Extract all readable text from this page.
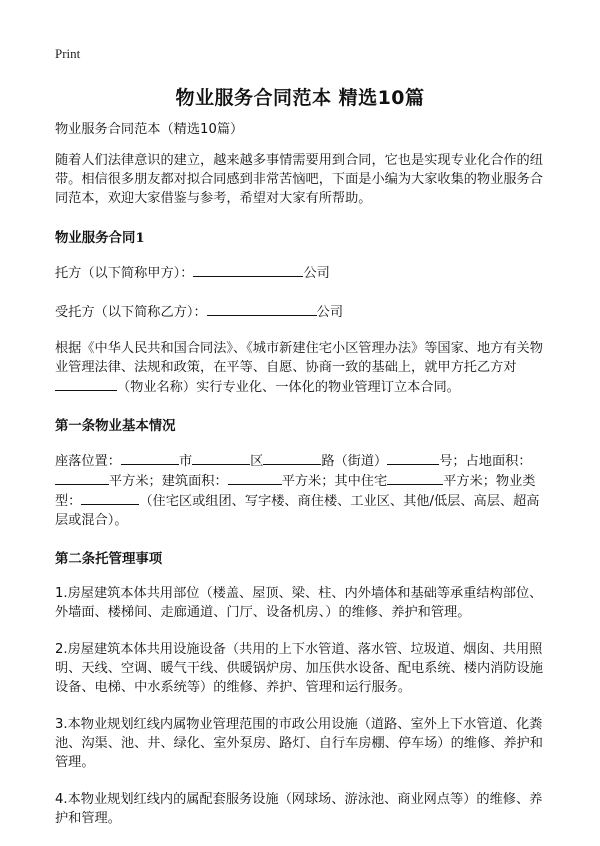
Print
物业服务合同范本 精选10篇

物业服务合同范本（精选10篇）

随着人们法律意识的建立，越来越多事情需要用到合同，它也是实现专业化合作的纽带。相信很多朋友都对拟合同感到非常苦恼吧，下面是小编为大家收集的物业服务合同范本，欢迎大家借鉴与参考，希望对大家有所帮助。

物业服务合同1

托方（以下简称甲方）：	公司

受托方（以下简称乙方）：	公司

根据《中华人民共和国合同法》、《城市新建住宅小区管理办法》等国家、地方有关物业管理法律、法规和政策，在平等、自愿、协商一致的基础上，就甲方托乙方对（物业名称）实行专业化、一体化的物业管理订立本合同。

第一条物业基本情况

座落位置：	市	区	路（街道）	号；占地面积：平方米；建筑面积：	平方米；其中住宅	平方米；物业类型：	（住宅区或组团、写字楼、商住楼、工业区、其他/低层、高层、超高层或混合）。

第二条托管理事项

1.房屋建筑本体共用部位（楼盖、屋顶、梁、柱、内外墙体和基础等承重结构部位、外墙面、楼梯间、走廊通道、门厅、设备机房、）的维修、养护和管理。

2.房屋建筑本体共用设施设备（共用的上下水管道、落水管、垃圾道、烟囱、共用照明、天线、空调、暖气干线、供暖锅炉房、加压供水设备、配电系统、楼内消防设施设备、电梯、中水系统等）的维修、养护、管理和运行服务。

3.本物业规划红线内属物业管理范围的市政公用设施（道路、室外上下水管道、化粪池、沟渠、池、井、绿化、室外泵房、路灯、自行车房棚、停车场）的维修、养护和管理。

4.本物业规划红线内的属配套服务设施（网球场、游泳池、商业网点等）的维修、养护和管理。
